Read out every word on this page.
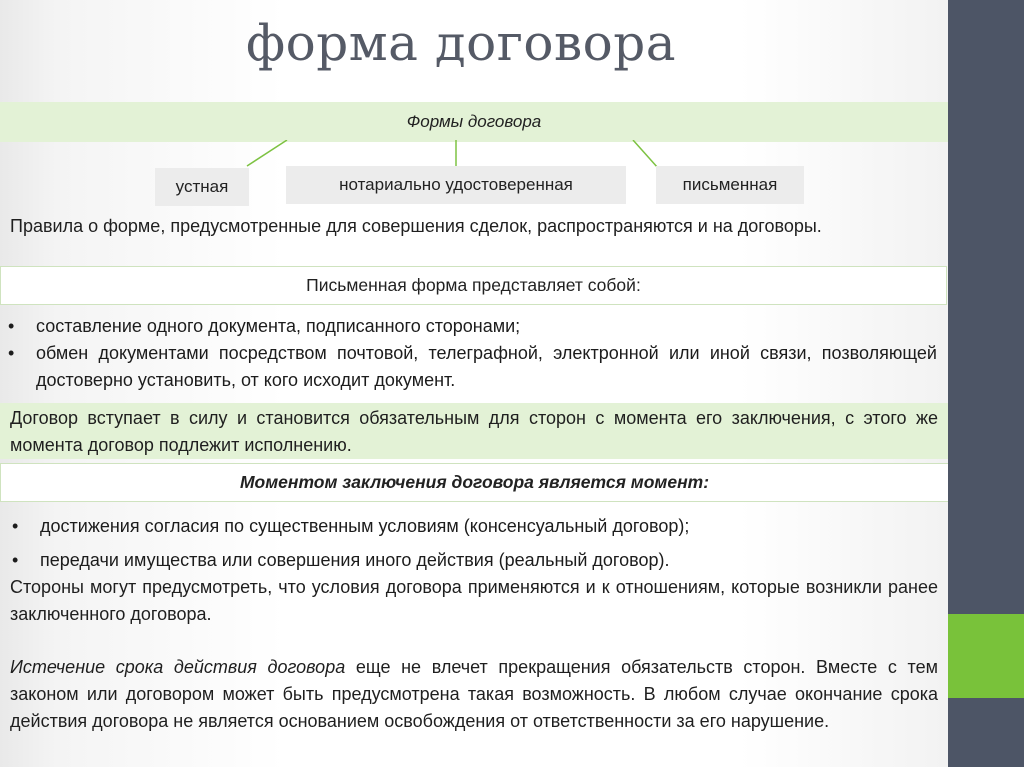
форма договора
Формы договора
устная	нотариально удостоверенная	письменная
Правила о форме, предусмотренные для совершения сделок, распространяются и на договоры.
Письменная форма представляет собой:
• составление одного документа, подписанного сторонами;
• обмен документами посредством почтовой, телеграфной, электронной или иной связи, позволяющей достоверно установить, от кого исходит документ.
Договор вступает в силу и становится обязательным для сторон с момента его заключения, с этого же момента договор подлежит исполнению.
Моментом заключения договора является момент:
• достижения согласия по существенным условиям (консенсуальный договор);
• передачи имущества или совершения иного действия (реальный договор).
Стороны могут предусмотреть, что условия договора применяются и к отношениям, которые возникли ранее заключенного договора.
Истечение срока действия договора еще не влечет прекращения обязательств сторон. Вместе с тем законом или договором может быть предусмотрена такая возможность. В любом случае окончание срока действия договора не является основанием освобождения от ответственности за его нарушение.
